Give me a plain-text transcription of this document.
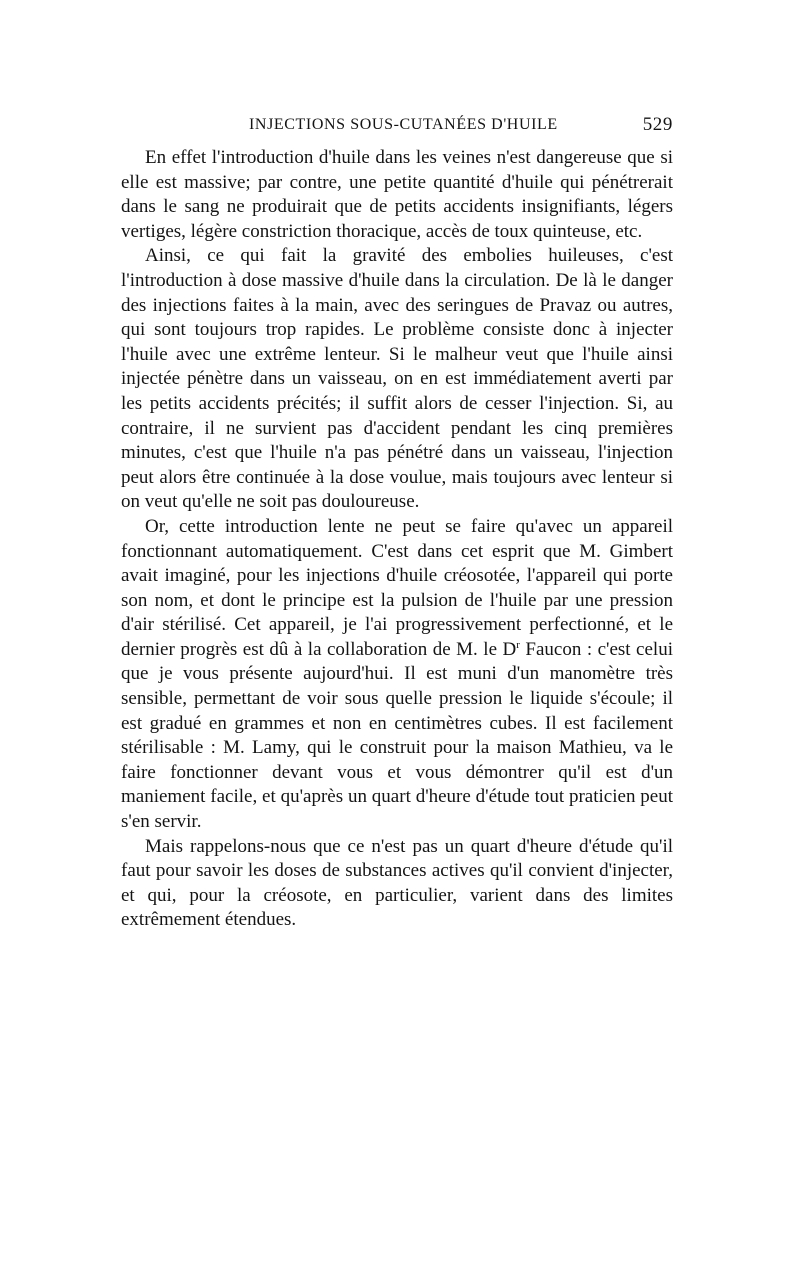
INJECTIONS SOUS-CUTANÉES D'HUILE	529

En effet l'introduction d'huile dans les veines n'est dangereuse que si elle est massive; par contre, une petite quantité d'huile qui pénétrerait dans le sang ne produirait que de petits accidents insignifiants, légers vertiges, légère constriction thoracique, accès de toux quinteuse, etc.

Ainsi, ce qui fait la gravité des embolies huileuses, c'est l'introduction à dose massive d'huile dans la circulation. De là le danger des injections faites à la main, avec des seringues de Pravaz ou autres, qui sont toujours trop rapides. Le problème consiste donc à injecter l'huile avec une extrême lenteur. Si le malheur veut que l'huile ainsi injectée pénètre dans un vaisseau, on en est immédiatement averti par les petits accidents précités; il suffit alors de cesser l'injection. Si, au contraire, il ne survient pas d'accident pendant les cinq premières minutes, c'est que l'huile n'a pas pénétré dans un vaisseau, l'injection peut alors être continuée à la dose voulue, mais toujours avec lenteur si on veut qu'elle ne soit pas douloureuse.

Or, cette introduction lente ne peut se faire qu'avec un appareil fonctionnant automatiquement. C'est dans cet esprit que M. Gimbert avait imaginé, pour les injections d'huile créosotée, l'appareil qui porte son nom, et dont le principe est la pulsion de l'huile par une pression d'air stérilisé. Cet appareil, je l'ai progressivement perfectionné, et le dernier progrès est dû à la collaboration de M. le $D^r$ Faucon : c'est celui que je vous présente aujourd'hui. Il est muni d'un manomètre très sensible, permettant de voir sous quelle pression le liquide s'écoule; il est gradué en grammes et non en centimètres cubes. Il est facilement stérilisable : M. Lamy, qui le construit pour la maison Mathieu, va le faire fonctionner devant vous et vous démontrer qu'il est d'un maniement facile, et qu'après un quart d'heure d'étude tout praticien peut s'en servir.

Mais rappelons-nous que ce n'est pas un quart d'heure d'étude qu'il faut pour savoir les doses de substances actives qu'il convient d'injecter, et qui, pour la créosote, en particulier, varient dans des limites extrêmement étendues.
